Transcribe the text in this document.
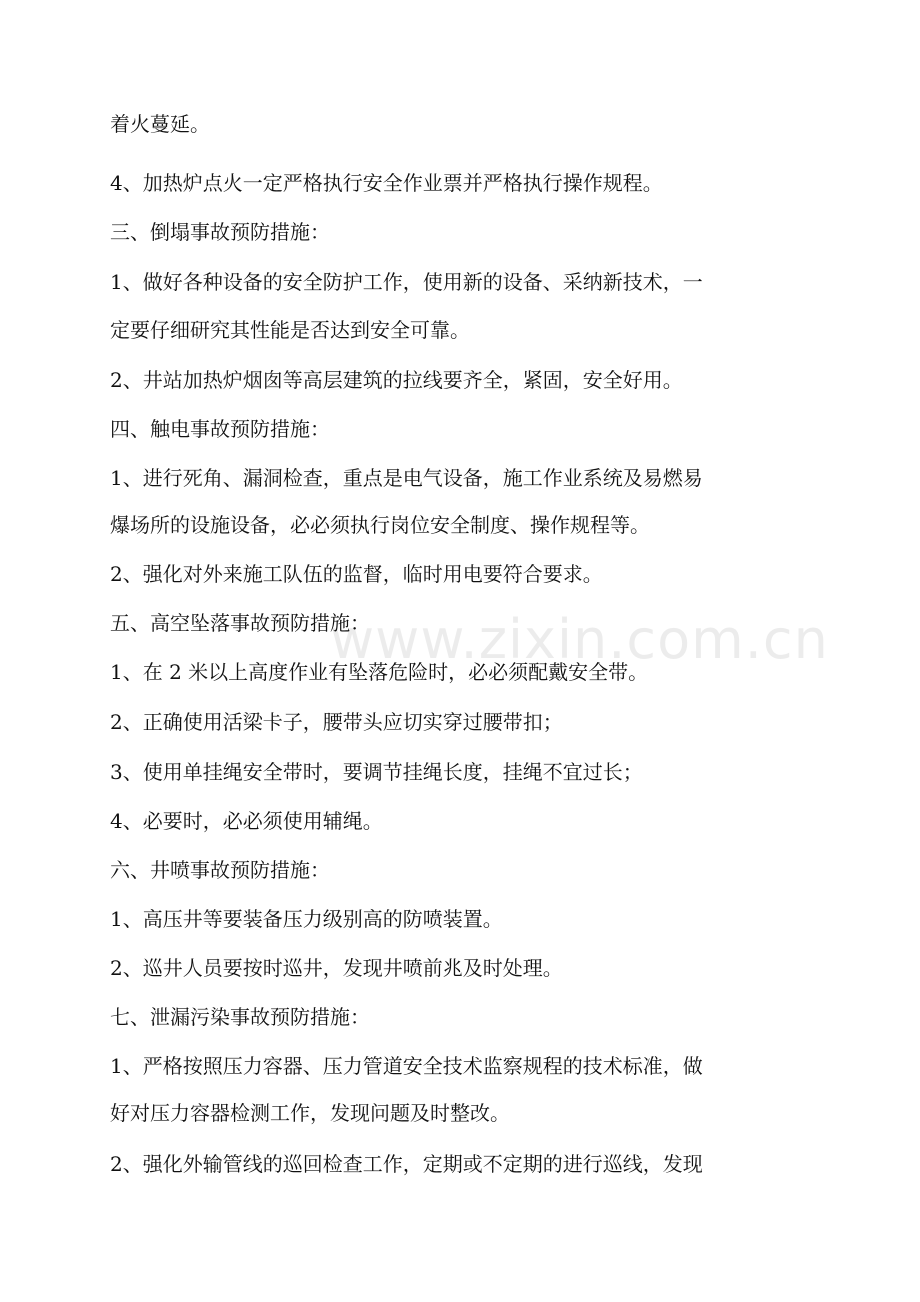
着火蔓延。

4、加热炉点火一定严格执行安全作业票并严格执行操作规程。

三、倒塌事故预防措施：

1、做好各种设备的安全防护工作，使用新的设备、采纳新技术，一

定要仔细研究其性能是否达到安全可靠。

2、井站加热炉烟囱等高层建筑的拉线要齐全，紧固，安全好用。

四、触电事故预防措施：

1、进行死角、漏洞检查，重点是电气设备，施工作业系统及易燃易

爆场所的设施设备，必必须执行岗位安全制度、操作规程等。

2、强化对外来施工队伍的监督，临时用电要符合要求。

五、高空坠落事故预防措施：

1、在 2 米以上高度作业有坠落危险时，必必须配戴安全带。

2、正确使用活梁卡子，腰带头应切实穿过腰带扣；

3、使用单挂绳安全带时，要调节挂绳长度，挂绳不宜过长；

4、必要时，必必须使用辅绳。

六、井喷事故预防措施：

1、高压井等要装备压力级别高的防喷装置。

2、巡井人员要按时巡井，发现井喷前兆及时处理。

七、泄漏污染事故预防措施：

1、严格按照压力容器、压力管道安全技术监察规程的技术标准，做

好对压力容器检测工作，发现问题及时整改。

2、强化外输管线的巡回检查工作，定期或不定期的进行巡线，发现

www.zixin.com.cn
